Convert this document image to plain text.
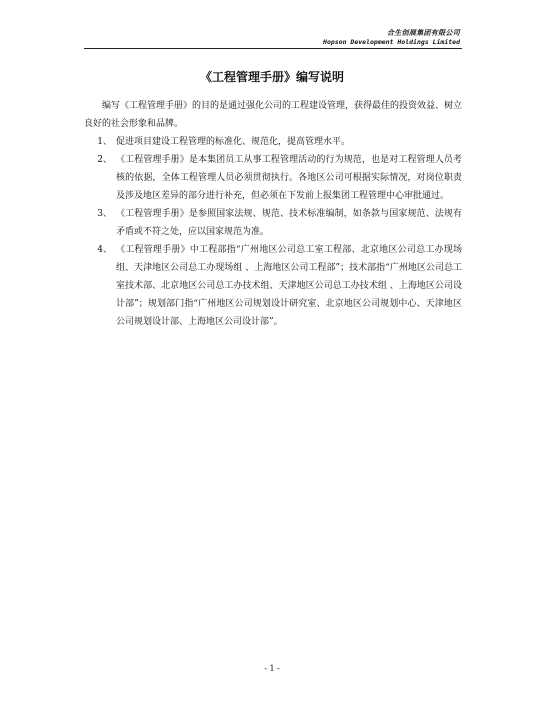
合生创展集团有限公司
Hopson Development Holdings Limited
《工程管理手册》编写说明

编写《工程管理手册》的目的是通过强化公司的工程建设管理，获得最佳的投资效益、树立良好的社会形象和品牌。

1、 促进项目建设工程管理的标准化、规范化，提高管理水平。
2、 《工程管理手册》是本集团员工从事工程管理活动的行为规范，也是对工程管理人员考核的依据，全体工程管理人员必须贯彻执行。各地区公司可根据实际情况，对岗位职责及涉及地区差异的部分进行补充，但必须在下发前上报集团工程管理中心审批通过。
3、 《工程管理手册》是参照国家法规、规范、技术标准编制，如条款与国家规范、法规有矛盾或不符之处，应以国家规范为准。
4、 《工程管理手册》中工程部指“广州地区公司总工室工程部、北京地区公司总工办现场组、天津地区公司总工办现场组 、上海地区公司工程部”；技术部指“广州地区公司总工室技术部、北京地区公司总工办技术组、天津地区公司总工办技术组 、上海地区公司设计部”；规划部门指“广州地区公司规划设计研究室、北京地区公司规划中心、天津地区公司规划设计部、上海地区公司设计部”。
- 1 -
